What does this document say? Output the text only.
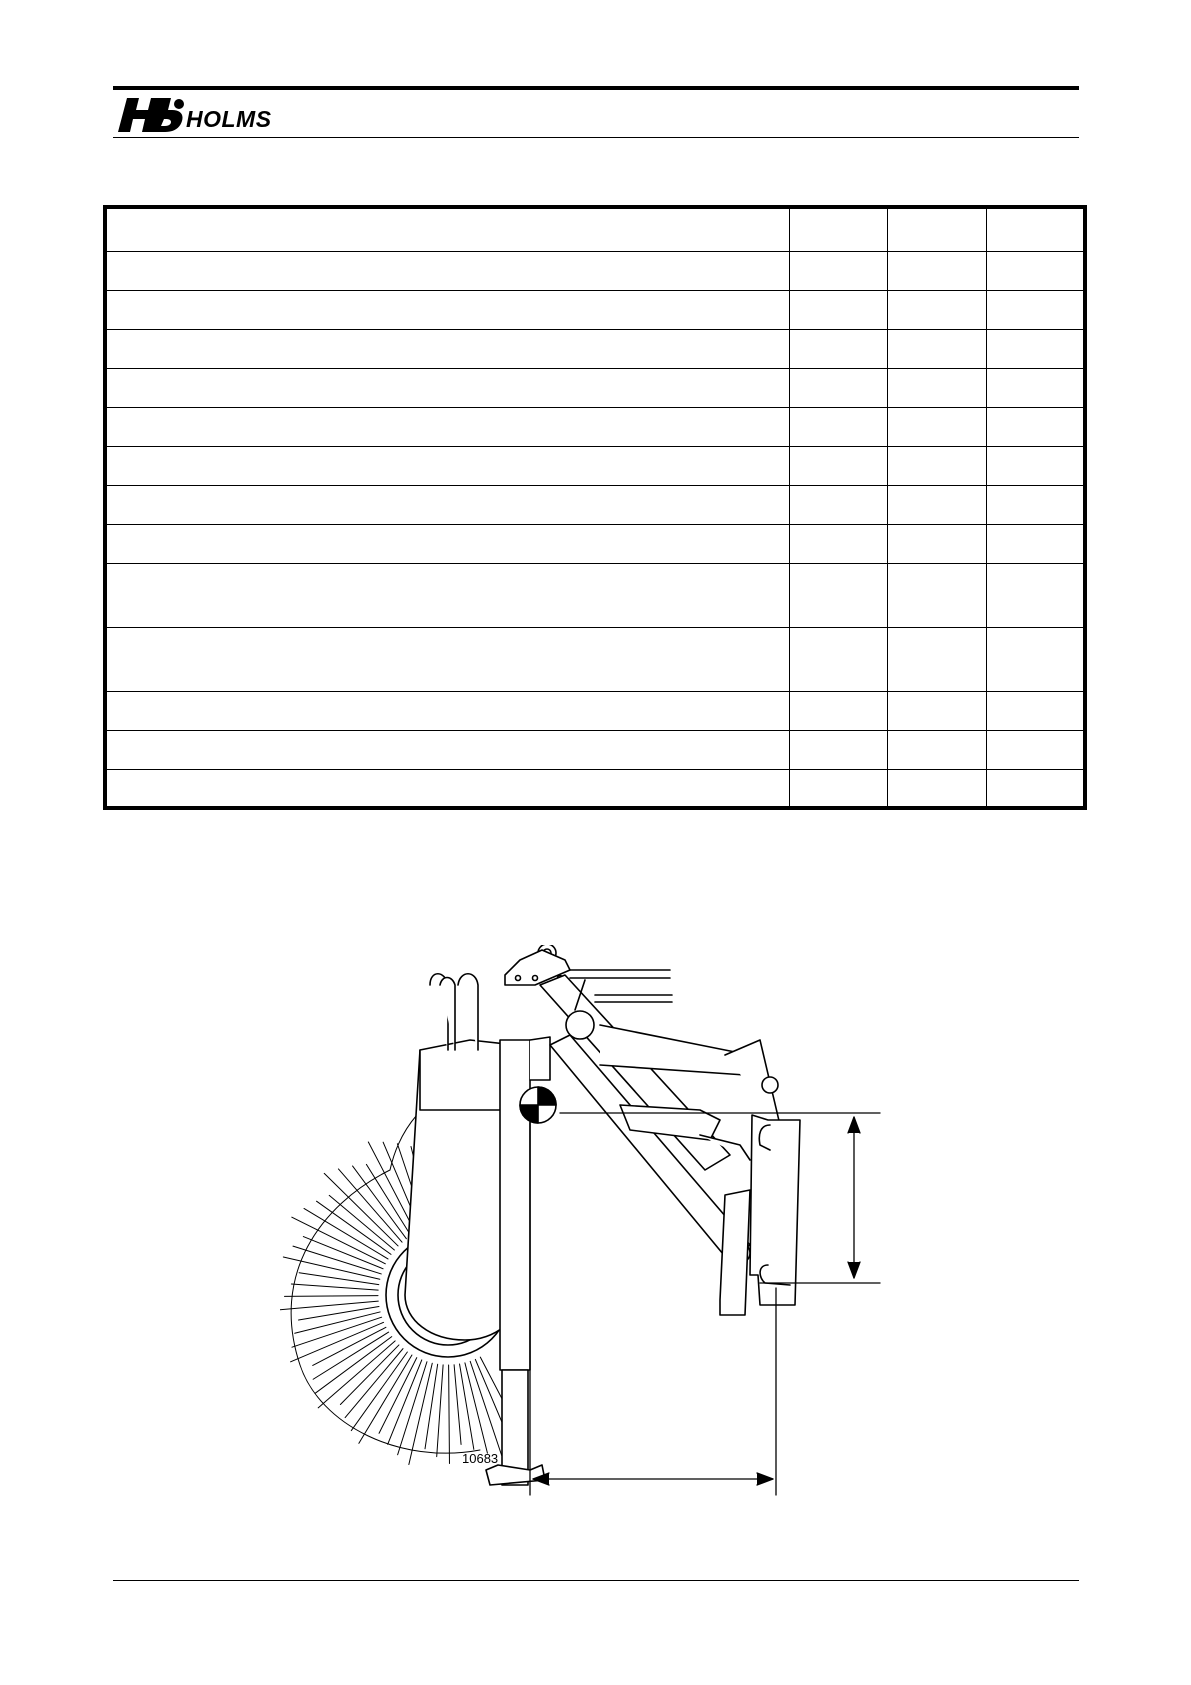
HOLMS

10683
